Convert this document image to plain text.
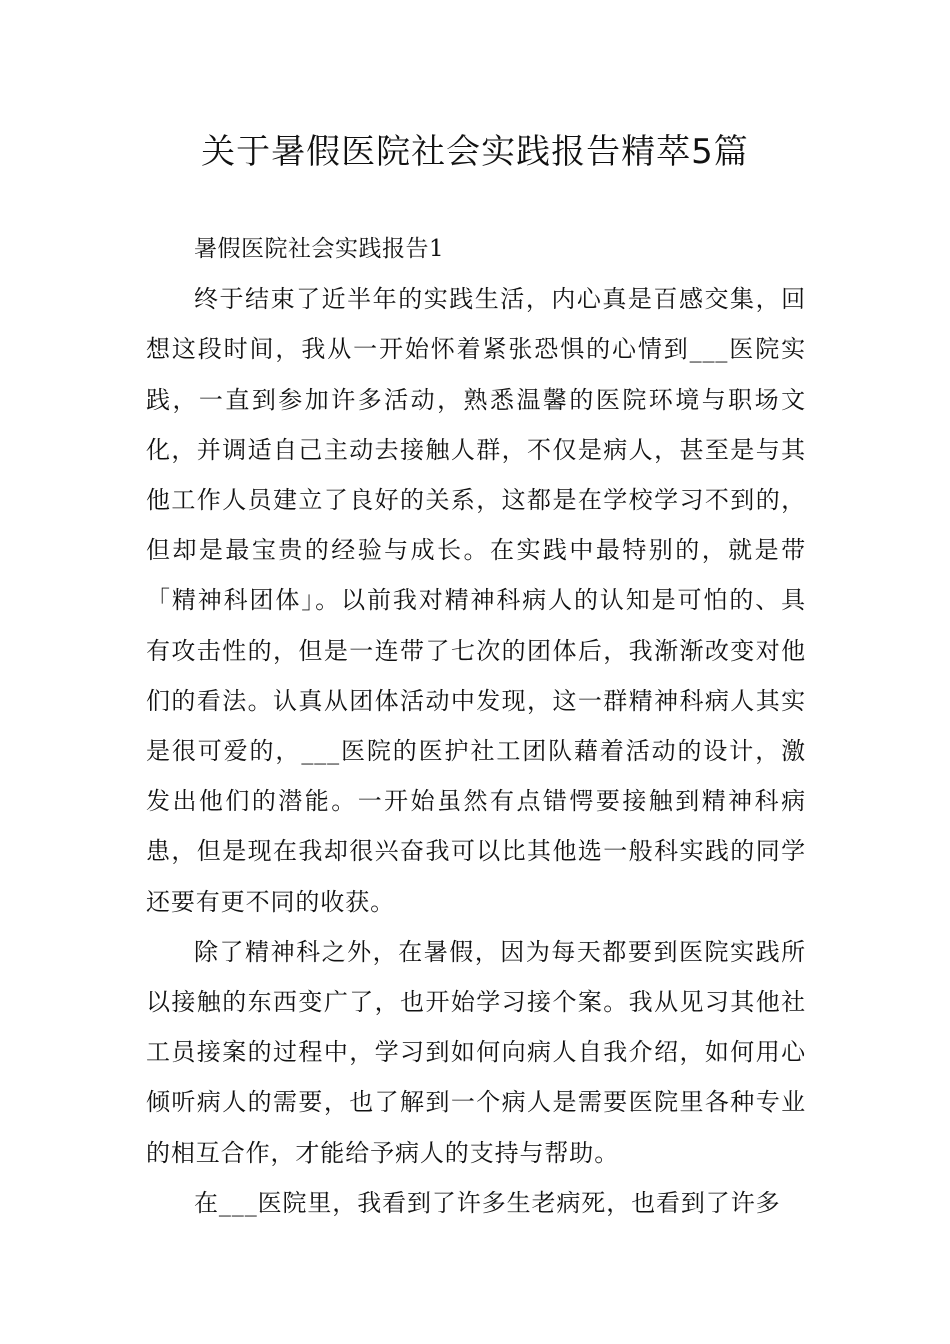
关于暑假医院社会实践报告精萃5篇

暑假医院社会实践报告1

终于结束了近半年的实践生活，内心真是百感交集，回想这段时间，我从一开始怀着紧张恐惧的心情到___医院实践，一直到参加许多活动，熟悉温馨的医院环境与职场文化，并调适自己主动去接触人群，不仅是病人，甚至是与其他工作人员建立了良好的关系，这都是在学校学习不到的，但却是最宝贵的经验与成长。在实践中最特别的，就是带「精神科团体」。以前我对精神科病人的认知是可怕的、具有攻击性的，但是一连带了七次的团体后，我渐渐改变对他们的看法。认真从团体活动中发现，这一群精神科病人其实是很可爱的，___医院的医护社工团队藉着活动的设计，激发出他们的潜能。一开始虽然有点错愕要接触到精神科病患，但是现在我却很兴奋我可以比其他选一般科实践的同学还要有更不同的收获。

除了精神科之外，在暑假，因为每天都要到医院实践所以接触的东西变广了，也开始学习接个案。我从见习其他社工员接案的过程中，学习到如何向病人自我介绍，如何用心倾听病人的需要，也了解到一个病人是需要医院里各种专业的相互合作，才能给予病人的支持与帮助。

在___医院里，我看到了许多生老病死，也看到了许多
